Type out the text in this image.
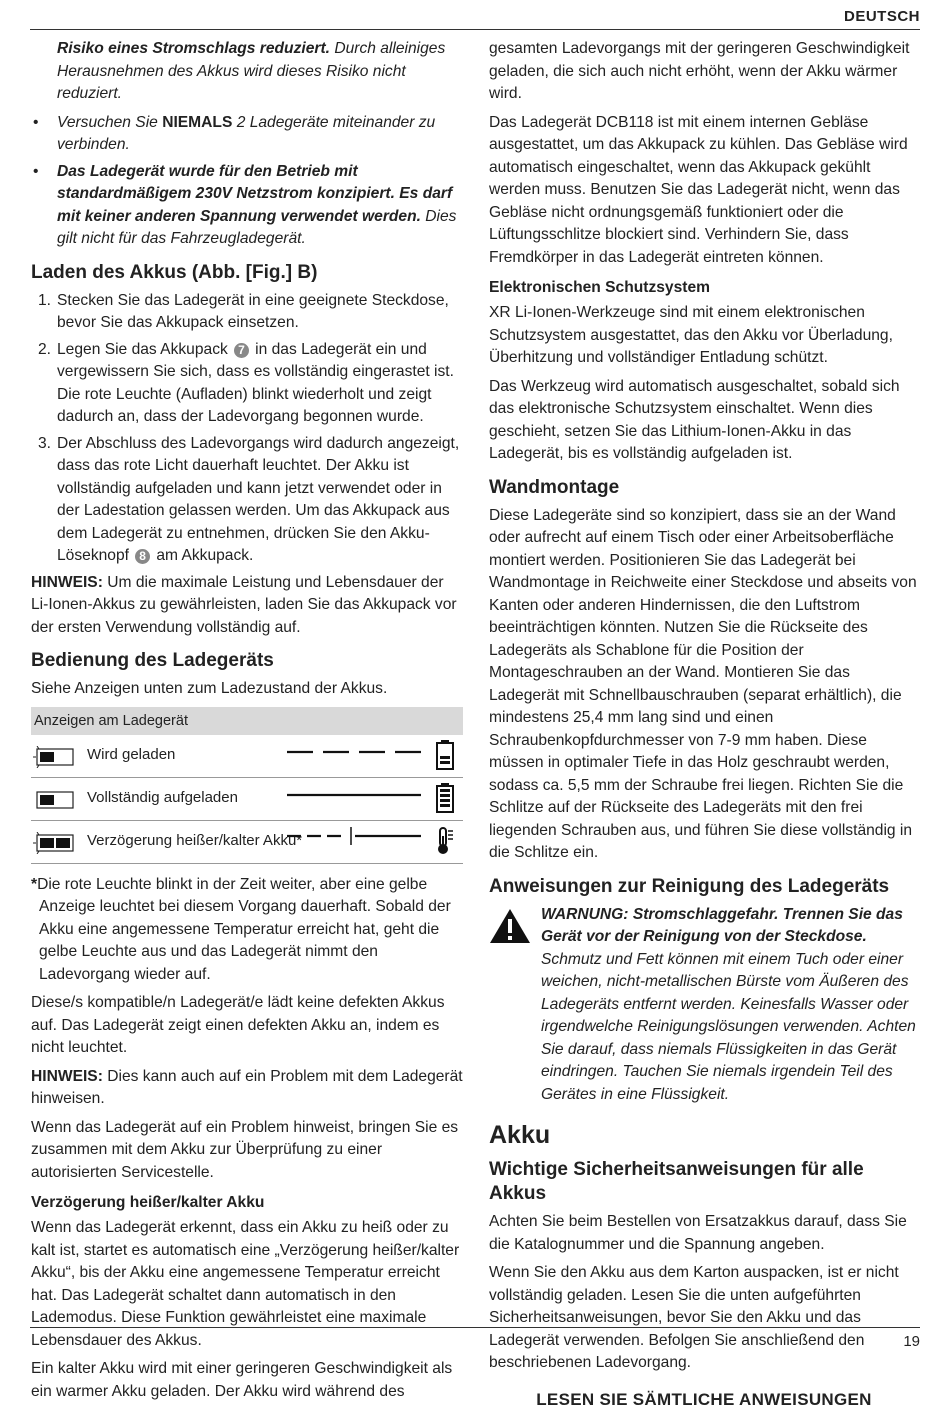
DEUTSCH

Risiko eines Stromschlags reduziert. Durch alleiniges Herausnehmen des Akkus wird dieses Risiko nicht reduziert.

• Versuchen Sie NIEMALS 2 Ladegeräte miteinander zu verbinden.
• Das Ladegerät wurde für den Betrieb mit standardmäßigem 230V Netzstrom konzipiert. Es darf mit keiner anderen Spannung verwendet werden. Dies gilt nicht für das Fahrzeugladegerät.
Laden des Akkus (Abb. [Fig.] B)
1. Stecken Sie das Ladegerät in eine geeignete Steckdose, bevor Sie das Akkupack einsetzen.
2. Legen Sie das Akkupack 7 in das Ladegerät ein und vergewissern Sie sich, dass es vollständig eingerastet ist. Die rote Leuchte (Aufladen) blinkt wiederholt und zeigt dadurch an, dass der Ladevorgang begonnen wurde.
3. Der Abschluss des Ladevorgangs wird dadurch angezeigt, dass das rote Licht dauerhaft leuchtet. Der Akku ist vollständig aufgeladen und kann jetzt verwendet oder in der Ladestation gelassen werden. Um das Akkupack aus dem Ladegerät zu entnehmen, drücken Sie den Akku-Löseknopf 8 am Akkupack.

HINWEIS: Um die maximale Leistung und Lebensdauer der Li-Ionen-Akkus zu gewährleisten, laden Sie das Akkupack vor der ersten Verwendung vollständig auf.

Bedienung des Ladegeräts

Siehe Anzeigen unten zum Ladezustand der Akkus.

Anzeigen am Ladegerät
Wird geladen
Vollständig aufgeladen
Verzögerung heißer/kalter Akku*

*Die rote Leuchte blinkt in der Zeit weiter, aber eine gelbe Anzeige leuchtet bei diesem Vorgang dauerhaft. Sobald der Akku eine angemessene Temperatur erreicht hat, geht die gelbe Leuchte aus und das Ladegerät nimmt den Ladevorgang wieder auf.

Diese/s kompatible/n Ladegerät/e lädt keine defekten Akkus auf. Das Ladegerät zeigt einen defekten Akku an, indem es nicht leuchtet.

HINWEIS: Dies kann auch auf ein Problem mit dem Ladegerät hinweisen.

Wenn das Ladegerät auf ein Problem hinweist, bringen Sie es zusammen mit dem Akku zur Überprüfung zu einer autorisierten Servicestelle.

Verzögerung heißer/kalter Akku

Wenn das Ladegerät erkennt, dass ein Akku zu heiß oder zu kalt ist, startet es automatisch eine „Verzögerung heißer/kalter Akku“, bis der Akku eine angemessene Temperatur erreicht hat. Das Ladegerät schaltet dann automatisch in den Lademodus. Diese Funktion gewährleistet eine maximale Lebensdauer des Akkus.

Ein kalter Akku wird mit einer geringeren Geschwindigkeit als ein warmer Akku geladen. Der Akku wird während des

gesamten Ladevorgangs mit der geringeren Geschwindigkeit geladen, die sich auch nicht erhöht, wenn der Akku wärmer wird.

Das Ladegerät DCB118 ist mit einem internen Gebläse ausgestattet, um das Akkupack zu kühlen. Das Gebläse wird automatisch eingeschaltet, wenn das Akkupack gekühlt werden muss. Benutzen Sie das Ladegerät nicht, wenn das Gebläse nicht ordnungsgemäß funktioniert oder die Lüftungsschlitze blockiert sind. Verhindern Sie, dass Fremdkörper in das Ladegerät eintreten können.

Elektronischen Schutzsystem

XR Li-Ionen-Werkzeuge sind mit einem elektronischen Schutzsystem ausgestattet, das den Akku vor Überladung, Überhitzung und vollständiger Entladung schützt.

Das Werkzeug wird automatisch ausgeschaltet, sobald sich das elektronische Schutzsystem einschaltet. Wenn dies geschieht, setzen Sie das Lithium-Ionen-Akku in das Ladegerät, bis es vollständig aufgeladen ist.

Wandmontage

Diese Ladegeräte sind so konzipiert, dass sie an der Wand oder aufrecht auf einem Tisch oder einer Arbeitsoberfläche montiert werden. Positionieren Sie das Ladegerät bei Wandmontage in Reichweite einer Steckdose und abseits von Kanten oder anderen Hindernissen, die den Luftstrom beeinträchtigen könnten. Nutzen Sie die Rückseite des Ladegeräts als Schablone für die Position der Montageschrauben an der Wand. Montieren Sie das Ladegerät mit Schnellbauschrauben (separat erhältlich), die mindestens 25,4 mm lang sind und einen Schraubenkopfdurchmesser von 7-9 mm haben. Diese müssen in optimaler Tiefe in das Holz geschraubt werden, sodass ca. 5,5 mm der Schraube frei liegen. Richten Sie die Schlitze auf der Rückseite des Ladegeräts mit den frei liegenden Schrauben aus, und führen Sie diese vollständig in die Schlitze ein.

Anweisungen zur Reinigung des Ladegeräts
WARNUNG: Stromschlaggefahr. Trennen Sie das Gerät vor der Reinigung von der Steckdose. Schmutz und Fett können mit einem Tuch oder einer weichen, nicht-metallischen Bürste vom Äußeren des Ladegeräts entfernt werden. Keinesfalls Wasser oder irgendwelche Reinigungslösungen verwenden. Achten Sie darauf, dass niemals Flüssigkeiten in das Gerät eindringen. Tauchen Sie niemals irgendein Teil des Gerätes in eine Flüssigkeit.
Akku
Wichtige Sicherheitsanweisungen für alle Akkus

Achten Sie beim Bestellen von Ersatzakkus darauf, dass Sie die Katalognummer und die Spannung angeben.

Wenn Sie den Akku aus dem Karton auspacken, ist er nicht vollständig geladen. Lesen Sie die unten aufgeführten Sicherheitsanweisungen, bevor Sie den Akku und das Ladegerät verwenden. Befolgen Sie anschließend den beschriebenen Ladevorgang.

LESEN SIE SÄMTLICHE ANWEISUNGEN
19
